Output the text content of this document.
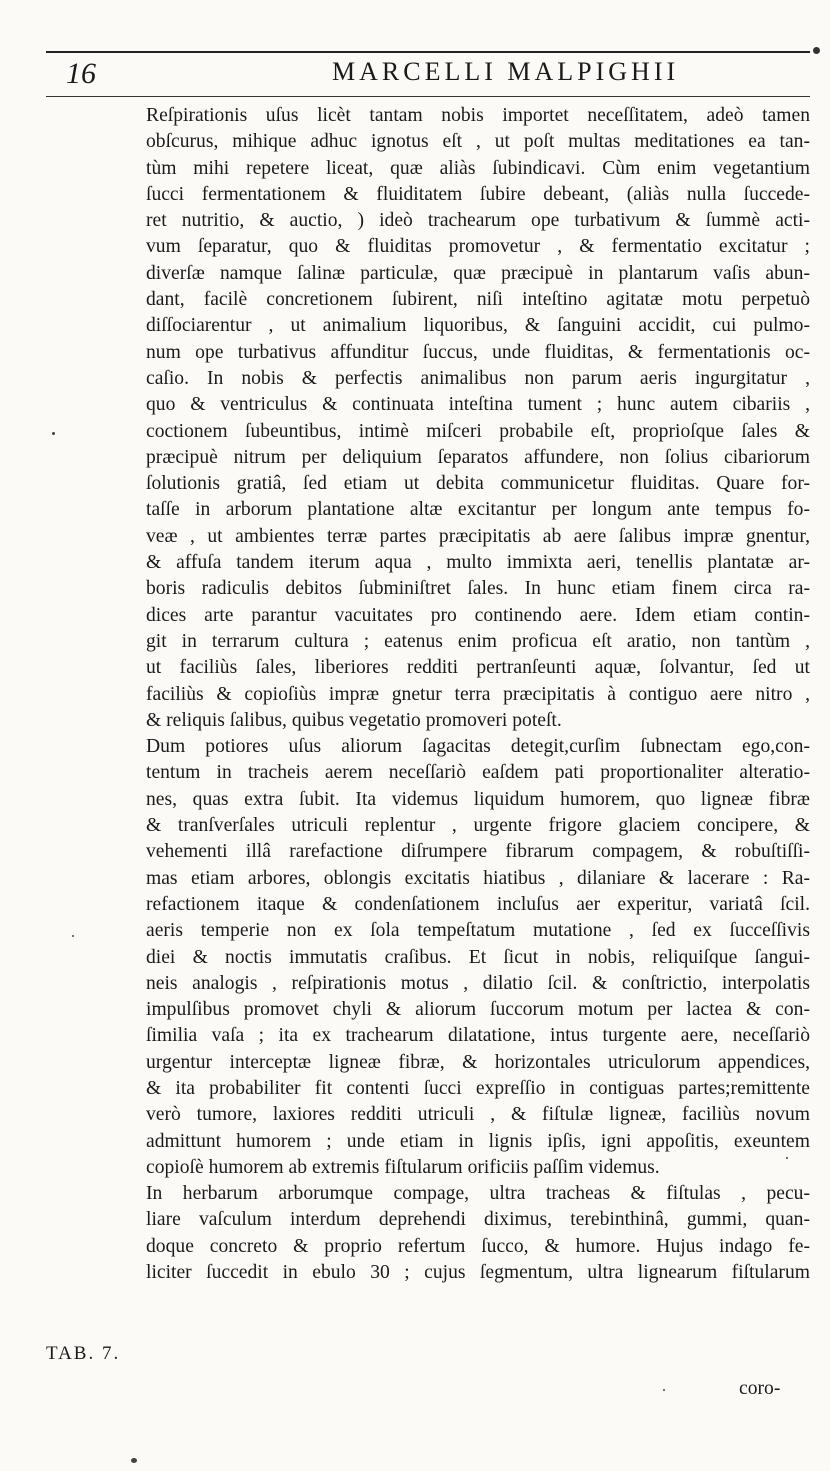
16	MARCELLI MALPIGHII
Reſpirationis uſus licèt tantam nobis importet neceſſitatem, adeò tamen
obſcurus, mihique adhuc ignotus eſt , ut poſt multas meditationes ea tan-
tùm mihi repetere liceat, quæ aliàs ſubindicavi. Cùm enim vegetantium
ſucci fermentationem & fluiditatem ſubire debeant, (aliàs nulla ſuccede-
ret nutritio, & auctio, ) ideò trachearum ope turbativum & ſummè acti-
vum ſeparatur, quo & fluiditas promovetur , & fermentatio excitatur ;
diverſæ namque ſalinæ particulæ, quæ præcipuè in plantarum vaſis abun-
dant, facilè concretionem ſubirent, niſi inteſtino agitatæ motu perpetuò
diſſociarentur , ut animalium liquoribus, & ſanguini accidit, cui pulmo-
num ope turbativus affunditur ſuccus, unde fluiditas, & fermentationis oc-
caſio. In nobis & perfectis animalibus non parum aeris ingurgitatur ,
quo & ventriculus & continuata inteſtina tument ; hunc autem cibariis ,
coctionem ſubeuntibus, intimè miſceri probabile eſt, proprioſque ſales &
præcipuè nitrum per deliquium ſeparatos affundere, non ſolius cibariorum
ſolutionis gratiâ, ſed etiam ut debita communicetur fluiditas. Quare for-
taſſe in arborum plantatione altæ excitantur per longum ante tempus fo-
veæ , ut ambientes terræ partes præcipitatis ab aere ſalibus impræ gnentur,
& affuſa tandem iterum aqua , multo immixta aeri, tenellis plantatæ ar-
boris radiculis debitos ſubminiſtret ſales. In hunc etiam finem circa ra-
dices arte parantur vacuitates pro continendo aere. Idem etiam contin-
git in terrarum cultura ; eatenus enim proficua eſt aratio, non tantùm ,
ut faciliùs ſales, liberiores redditi pertranſeunti aquæ, ſolvantur, ſed ut
faciliùs & copioſiùs impræ gnetur terra præcipitatis à contiguo aere nitro ,
& reliquis ſalibus, quibus vegetatio promoveri poteſt.
Dum potiores uſus aliorum ſagacitas detegit,curſim ſubnectam ego,con-
tentum in tracheis aerem neceſſariò eaſdem pati proportionaliter alteratio-
nes, quas extra ſubit. Ita videmus liquidum humorem, quo ligneæ fibræ
& tranſverſales utriculi replentur , urgente frigore glaciem concipere, &
vehementi illâ rarefactione diſrumpere fibrarum compagem, & robuſtiſſi-
mas etiam arbores, oblongis excitatis hiatibus , dilaniare & lacerare : Ra-
refactionem itaque & condenſationem incluſus aer experitur, variatâ ſcil.
aeris temperie non ex ſola tempeſtatum mutatione , ſed ex ſucceſſivis
diei & noctis immutatis craſibus. Et ſicut in nobis, reliquiſque ſangui-
neis analogis , reſpirationis motus , dilatio ſcil. & conſtrictio, interpolatis
impulſibus promovet chyli & aliorum ſuccorum motum per lactea & con-
ſimilia vaſa ; ita ex trachearum dilatatione, intus turgente aere, neceſſariò
urgentur interceptæ ligneæ fibræ, & horizontales utriculorum appendices,
& ita probabiliter fit contenti ſucci expreſſio in contiguas partes;remittente
verò tumore, laxiores redditi utriculi , & fiſtulæ ligneæ, faciliùs novum
admittunt humorem ; unde etiam in lignis ipſis, igni appoſitis, exeuntem
copioſè humorem ab extremis fiſtularum orificiis paſſim videmus.
In herbarum arborumque compage, ultra tracheas & fiſtulas , pecu-
liare vaſculum interdum deprehendi diximus, terebinthinâ, gummi, quan-
doque concreto & proprio refertum ſucco, & humore. Hujus indago fe-
liciter ſuccedit in ebulo 30 ; cujus ſegmentum, ultra lignearum fiſtularum
TAB. 7.
coro-
